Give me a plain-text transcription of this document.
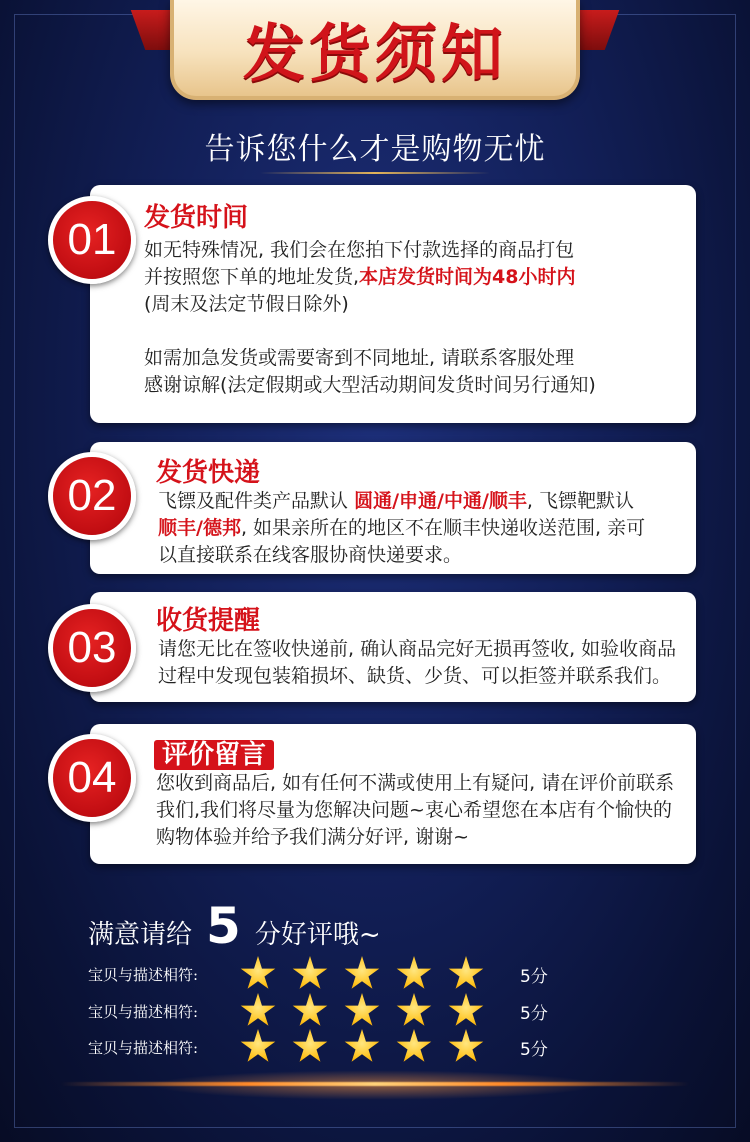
发货须知
告诉您什么才是购物无忧
发货时间
如无特殊情况, 我们会在您拍下付款选择的商品打包
并按照您下单的地址发货,本店发货时间为48小时内
(周末及法定节假日除外)
如需加急发货或需要寄到不同地址, 请联系客服处理
感谢谅解(法定假期或大型活动期间发货时间另行通知)
01
发货快递
飞镖及配件类产品默认 圆通/申通/中通/顺丰, 飞镖靶默认
顺丰/德邦, 如果亲所在的地区不在顺丰快递收送范围, 亲可
以直接联系在线客服协商快递要求。
02
收货提醒
请您无比在签收快递前, 确认商品完好无损再签收, 如验收商品
过程中发现包装箱损坏、缺货、少货、可以拒签并联系我们。
03
评价留言
您收到商品后, 如有任何不满或使用上有疑问, 请在评价前联系
我们,我们将尽量为您解决问题~衷心希望您在本店有个愉快的
购物体验并给予我们满分好评, 谢谢~
04
满意请给 5 分好评哦~
宝贝与描述相符:	5分
宝贝与描述相符:	5分
宝贝与描述相符:	5分
